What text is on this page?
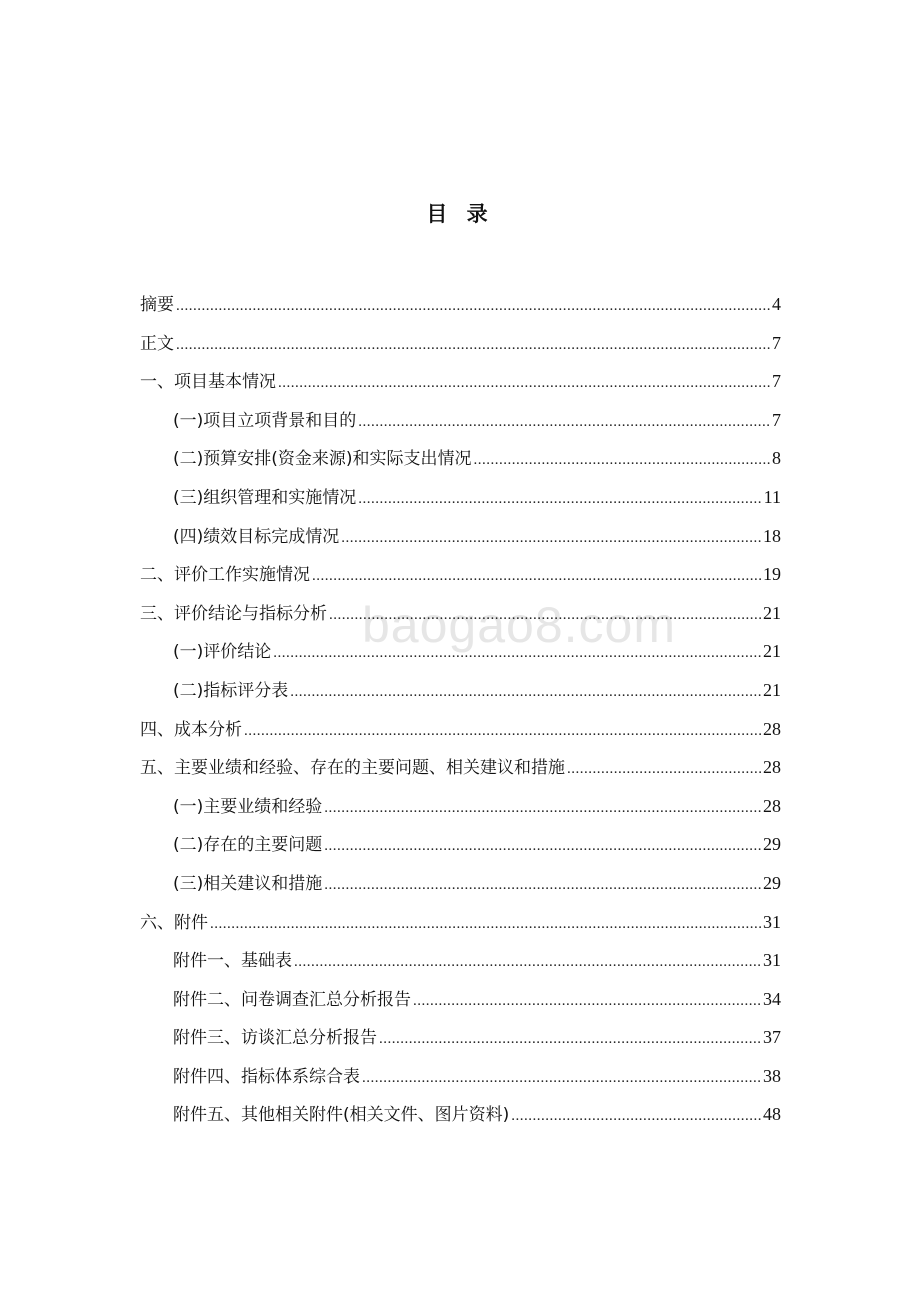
baogao8.com
目 录
摘要 .....	4
正文 .....	7
一、项目基本情况 .....	7
(一)项目立项背景和目的 .....	7
(二)预算安排(资金来源)和实际支出情况 .....	8
(三)组织管理和实施情况 .....	11
(四)绩效目标完成情况 .....	18
二、评价工作实施情况 .....	19
三、评价结论与指标分析 .....	21
(一)评价结论 .....	21
(二)指标评分表 .....	21
四、成本分析 .....	28
五、主要业绩和经验、存在的主要问题、相关建议和措施 .....	28
(一)主要业绩和经验 .....	28
(二)存在的主要问题 .....	29
(三)相关建议和措施 .....	29
六、附件 .....	31
附件一、基础表 .....	31
附件二、问卷调查汇总分析报告 .....	34
附件三、访谈汇总分析报告 .....	37
附件四、指标体系综合表 .....	38
附件五、其他相关附件(相关文件、图片资料) .....	48
